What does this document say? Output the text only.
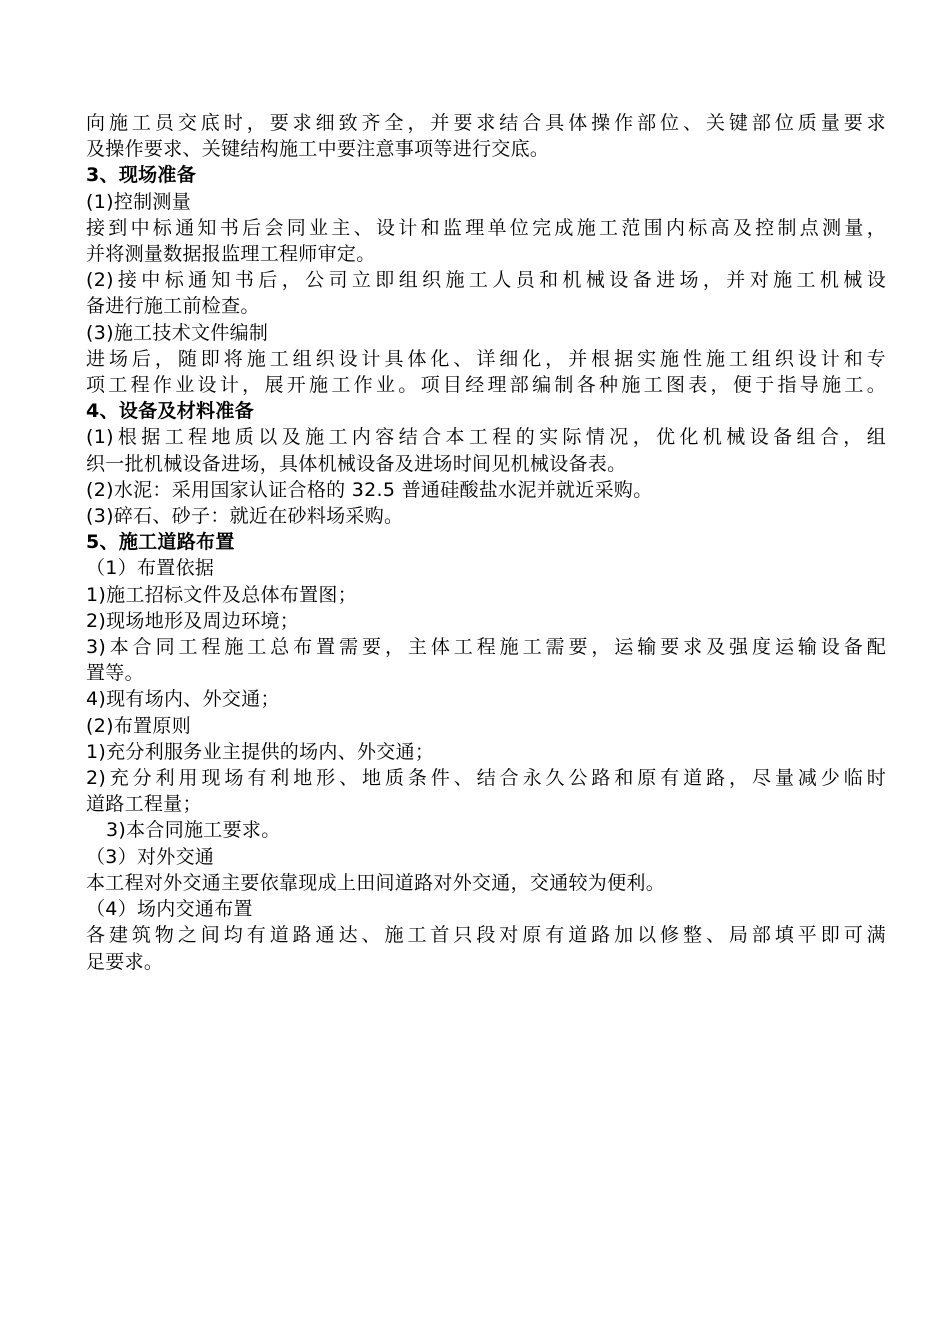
向施工员交底时，要求细致齐全，并要求结合具体操作部位、关键部位质量要求
及操作要求、关键结构施工中要注意事项等进行交底。
3、现场准备
(1)控制测量
接到中标通知书后会同业主、设计和监理单位完成施工范围内标高及控制点测量，
并将测量数据报监理工程师审定。
(2)接中标通知书后，公司立即组织施工人员和机械设备进场，并对施工机械设
备进行施工前检查。
(3)施工技术文件编制
进场后，随即将施工组织设计具体化、详细化，并根据实施性施工组织设计和专
项工程作业设计，展开施工作业。项目经理部编制各种施工图表，便于指导施工。
4、设备及材料准备
(1)根据工程地质以及施工内容结合本工程的实际情况，优化机械设备组合，组
织一批机械设备进场，具体机械设备及进场时间见机械设备表。
(2)水泥：采用国家认证合格的 32.5 普通硅酸盐水泥并就近采购。
(3)碎石、砂子：就近在砂料场采购。
5、施工道路布置
（1）布置依据
1)施工招标文件及总体布置图；
2)现场地形及周边环境；
3)本合同工程施工总布置需要，主体工程施工需要，运输要求及强度运输设备配
置等。
4)现有场内、外交通；
(2)布置原则
1)充分利服务业主提供的场内、外交通；
2)充分利用现场有利地形、地质条件、结合永久公路和原有道路，尽量减少临时
道路工程量；
3)本合同施工要求。
（3）对外交通
本工程对外交通主要依靠现成上田间道路对外交通，交通较为便利。
（4）场内交通布置
各建筑物之间均有道路通达、施工首只段对原有道路加以修整、局部填平即可满
足要求。
